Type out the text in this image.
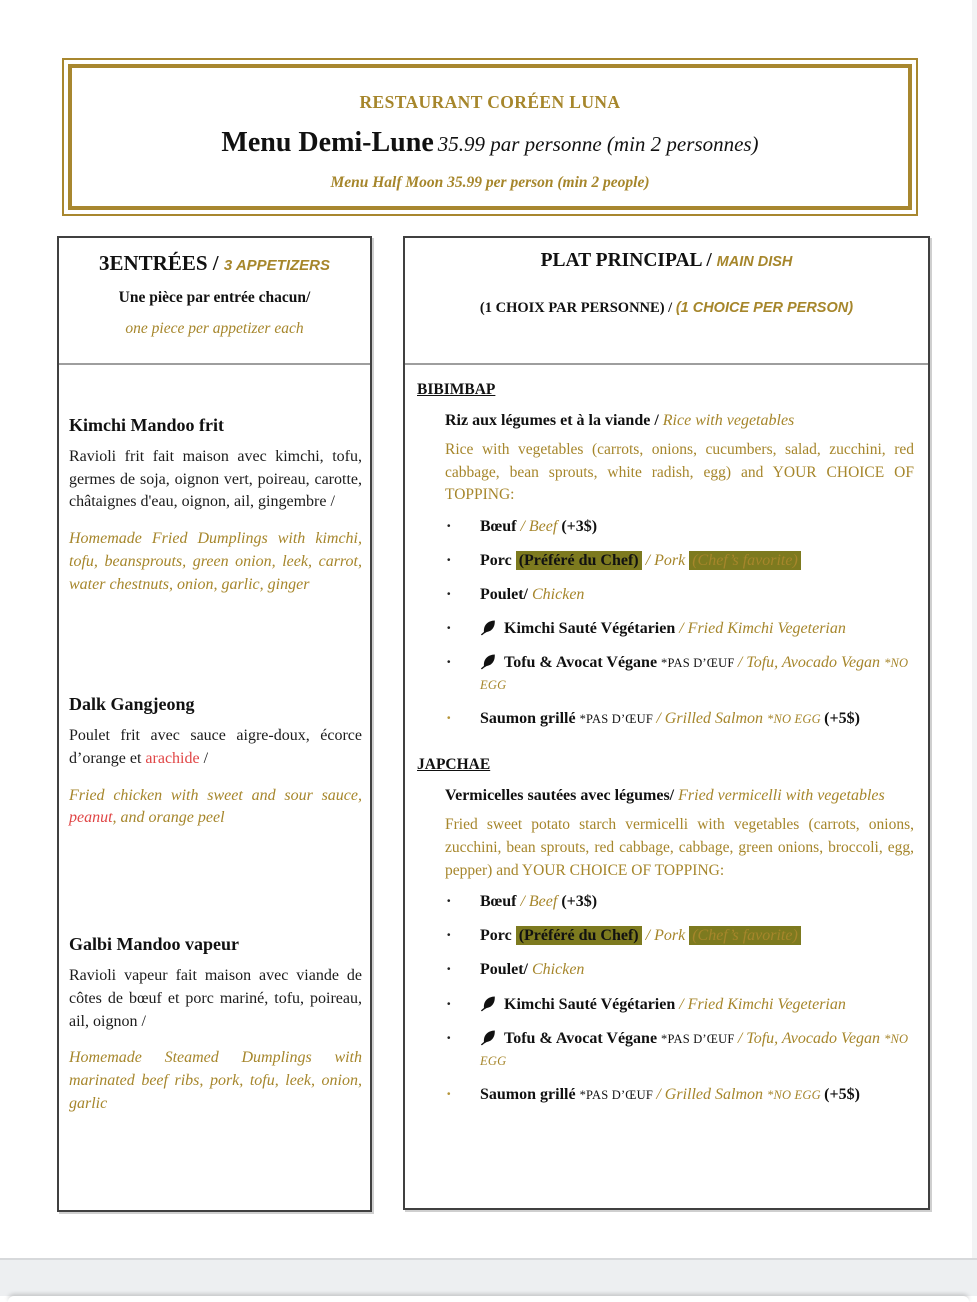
RESTAURANT CORÉEN LUNA
Menu Demi-Lune 35.99 par personne (min 2 personnes)
Menu Half Moon 35.99 per person (min 2 people)
3ENTRÉES / 3 APPETIZERS
Une pièce par entrée chacun/
one piece per appetizer each
Kimchi Mandoo frit

Ravioli frit fait maison avec kimchi, tofu, germes de soja, oignon vert, poireau, carotte, châtaignes d'eau, oignon, ail, gingembre /

Homemade Fried Dumplings with kimchi, tofu, beansprouts, green onion, leek, carrot, water chestnuts, onion, garlic, ginger

Dalk Gangjeong

Poulet frit avec sauce aigre-doux, écorce d’orange et arachide /

Fried chicken with sweet and sour sauce, peanut, and orange peel

Galbi Mandoo vapeur

Ravioli vapeur fait maison avec viande de côtes de bœuf et porc mariné, tofu, poireau, ail, oignon /

Homemade Steamed Dumplings with marinated beef ribs, pork, tofu, leek, onion, garlic

PLAT PRINCIPAL / MAIN DISH
(1 CHOIX PAR PERSONNE) / (1 CHOICE PER PERSON)
BIBIMBAP
Riz aux légumes et à la viande / Rice with vegetables

Rice with vegetables (carrots, onions, cucumbers, salad, zucchini, red cabbage, bean sprouts, white radish, egg) and YOUR CHOICE OF TOPPING:

•	Bœuf / Beef (+3$)
•	Porc (Préféré du Chef) / Pork (Chef’s favorite)
•	Poulet/ Chicken
•	Kimchi Sauté Végétarien / Fried Kimchi Vegeterian
•	Tofu & Avocat Végane *PAS D’ŒUF / Tofu, Avocado Vegan *NO EGG
•	Saumon grillé *PAS D’ŒUF / Grilled Salmon *NO EGG (+5$)
JAPCHAE
Vermicelles sautées avec légumes/ Fried vermicelli with vegetables

Fried sweet potato starch vermicelli with vegetables (carrots, onions, zucchini, bean sprouts, red cabbage, cabbage, green onions, broccoli, egg, pepper) and YOUR CHOICE OF TOPPING:

•	Bœuf / Beef (+3$)
•	Porc (Préféré du Chef) / Pork (Chef’s favorite)
•	Poulet/ Chicken
•	Kimchi Sauté Végétarien / Fried Kimchi Vegeterian
•	Tofu & Avocat Végane *PAS D’ŒUF / Tofu, Avocado Vegan *NO EGG
•	Saumon grillé *PAS D’ŒUF / Grilled Salmon *NO EGG (+5$)
